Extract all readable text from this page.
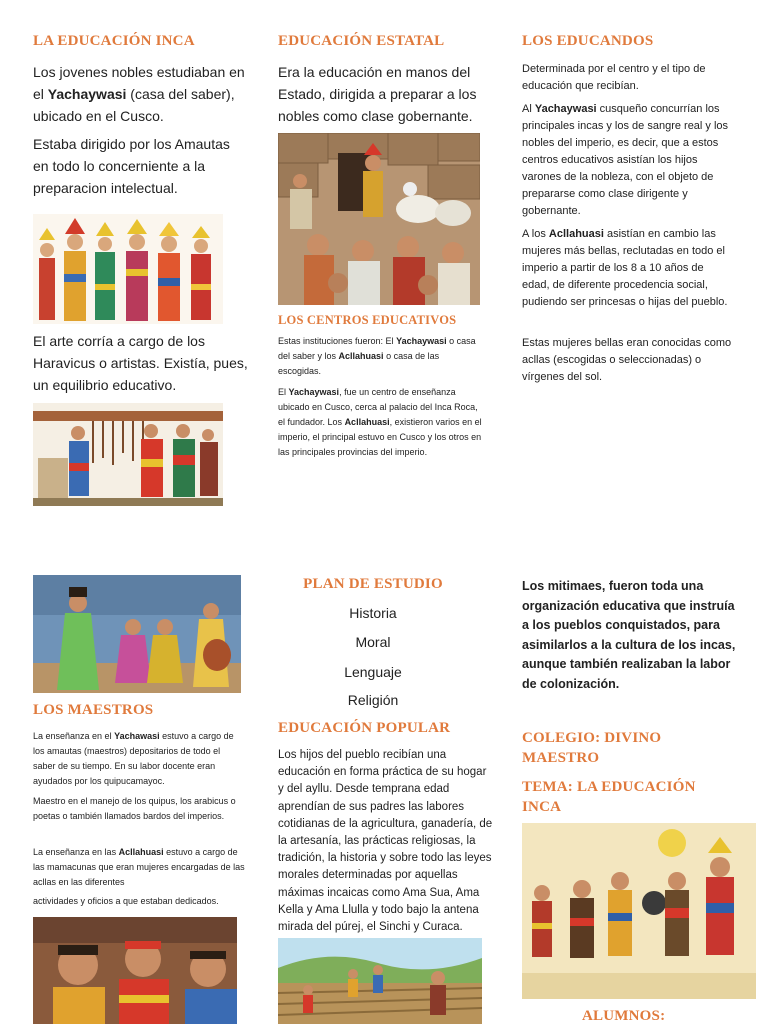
LA EDUCACIÓN INCA

Los jovenes nobles estudiaban en el Yachaywasi (casa del saber), ubicado en el Cusco.

Estaba dirigido por los Amautas en todo lo concerniente a la preparacion intelectual.

El arte corría a cargo de los Haravicus o artistas. Existía, pues, un equilibrio educativo.

EDUCACIÓN ESTATAL

Era la educación en manos del Estado, dirigida a preparar a los nobles como clase gobernante.

LOS CENTROS EDUCATIVOS

Estas instituciones fueron: El Yachaywasi o casa del saber y los Acllahuasi o casa de las escogidas.

El Yachaywasi, fue un centro de enseñanza ubicado en Cusco, cerca al palacio del Inca Roca, el fundador. Los Acllahuasi, existieron varios en el imperio, el principal estuvo en Cusco y los otros en las principales provincias del imperio.

LOS EDUCANDOS

Determinada por el centro y el tipo de educación que recibían.

Al Yachaywasi cusqueño concurrían los principales incas y los de sangre real y los nobles del imperio, es decir, que a estos centros educativos asistían los hijos varones de la nobleza, con el objeto de prepararse como clase dirigente y gobernante.

A los Acllahuasi asistían en cambio las mujeres más bellas, reclutadas en todo el imperio a partir de los 8 a 10 años de edad, de diferente procedencia social, pudiendo ser princesas o hijas del pueblo.

Estas mujeres bellas eran conocidas como acllas (escogidas o seleccionadas) o vírgenes del sol.

LOS MAESTROS

La enseñanza en el Yachawasi estuvo a cargo de los amautas (maestros) depositarios de todo el saber de su tiempo. En su labor docente eran ayudados por los quipucamayoc.

Maestro en el manejo de los quipus, los arabicus o poetas o también llamados bardos del imperios.

La enseñanza en las Acllahuasi estuvo a cargo de las mamacunas que eran mujeres encargadas de las acllas en las diferentes

actividades y oficios a que estaban dedicados.

PLAN DE ESTUDIO

Historia

Moral

Lenguaje

Religión

EDUCACIÓN POPULAR

Los hijos del pueblo recibían una educación en forma práctica de su hogar y del ayllu. Desde temprana edad aprendían de sus padres las labores cotidianas de la agricultura, ganadería, de la artesanía, las prácticas religiosas, la tradición, la historia y sobre todo las leyes morales determinadas por aquellas máximas incaicas como Ama Sua, Ama Kella y Ama Llulla y todo bajo la antena mirada del púrej, el Sinchi y Curaca.

Los mitimaes, fueron toda una organización educativa que instruía a los pueblos conquistados, para asimilarlos a la cultura de los incas, aunque también realizaban la labor de colonización.

COLEGIO: DIVINO MAESTRO
TEMA: LA EDUCACIÓN INCA
ALUMNOS:
